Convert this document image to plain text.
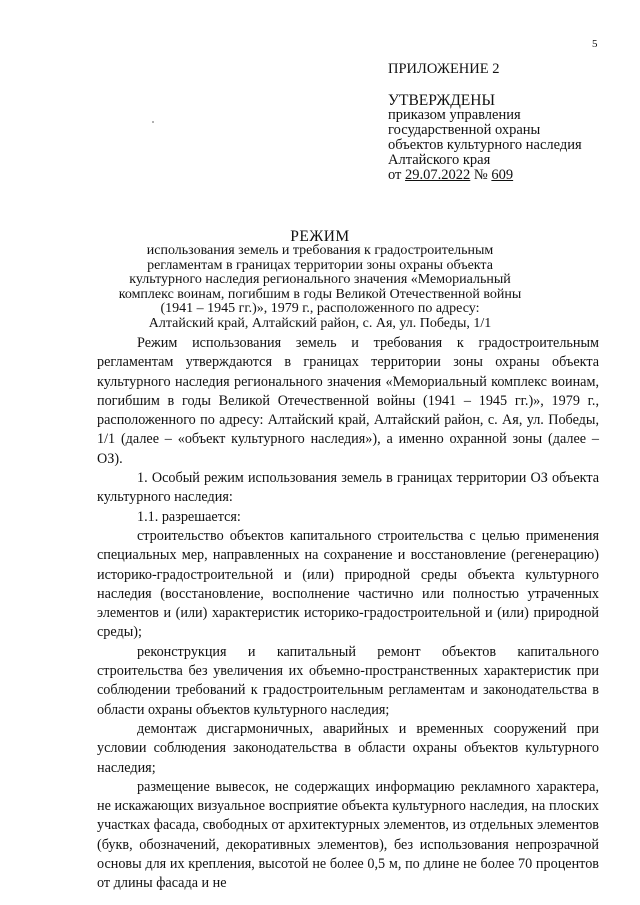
5
ПРИЛОЖЕНИЕ 2
УТВЕРЖДЕНЫ
приказом управления
государственной охраны
объектов культурного наследия
Алтайского края
от 29.07.2022 № 609
РЕЖИМ
использования земель и требования к градостроительным
регламентам в границах территории зоны охраны объекта
культурного наследия регионального значения «Мемориальный
комплекс воинам, погибшим в годы Великой Отечественной войны
(1941 – 1945 гг.)», 1979 г., расположенного по адресу:
Алтайский край, Алтайский район, с. Ая, ул. Победы, 1/1

Режим использования земель и требования к градостроительным регламентам утверждаются в границах территории зоны охраны объекта культурного наследия регионального значения «Мемориальный комплекс воинам, погибшим в годы Великой Отечественной войны (1941 – 1945 гг.)», 1979 г., расположенного по адресу: Алтайский край, Алтайский район, с. Ая, ул. Победы, 1/1 (далее – «объект культурного наследия»), а именно охранной зоны (далее – ОЗ).

1. Особый режим использования земель в границах территории ОЗ объекта культурного наследия:

1.1. разрешается:

строительство объектов капитального строительства с целью применения специальных мер, направленных на сохранение и восстановление (регенерацию) историко-градостроительной и (или) природной среды объекта культурного наследия (восстановление, восполнение частично или полностью утраченных элементов и (или) характеристик историко-градостроительной и (или) природной среды);

реконструкция и капитальный ремонт объектов капитального строительства без увеличения их объемно-пространственных характеристик при соблюдении требований к градостроительным регламентам и законодательства в области охраны объектов культурного наследия;

демонтаж дисгармоничных, аварийных и временных сооружений при условии соблюдения законодательства в области охраны объектов культурного наследия;

размещение вывесок, не содержащих информацию рекламного характера, не искажающих визуальное восприятие объекта культурного наследия, на плоских участках фасада, свободных от архитектурных элементов, из отдельных элементов (букв, обозначений, декоративных элементов), без использования непрозрачной основы для их крепления, высотой не более 0,5 м, по длине не более 70 процентов от длины фасада и не
